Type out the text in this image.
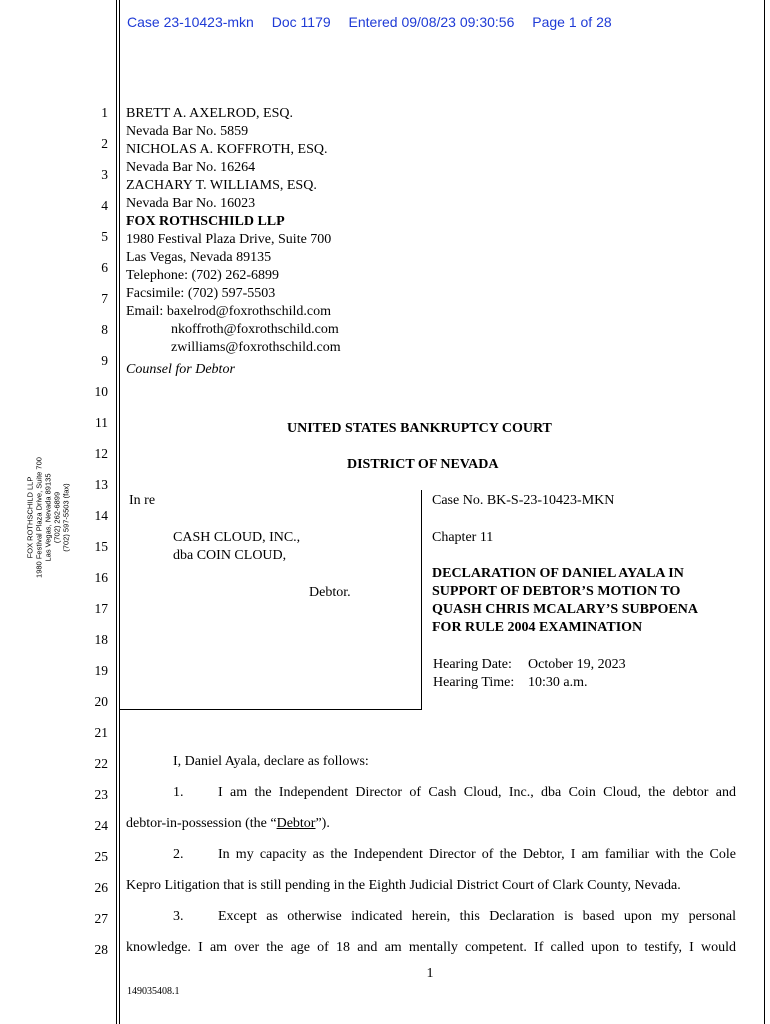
Case 23-10423-mkn Doc 1179 Entered 09/08/23 09:30:56 Page 1 of 28
1
2
3
4
5
6
7
8
9
10
11
12
13
14
15
16
17
18
19
20
21
22
23
24
25
26
27
28
FOX ROTHSCHILD LLP 1980 Festival Plaza Drive, Suite 700 Las Vegas, Nevada 89135 (702) 262-6899 (702) 597-5503 (fax)
BRETT A. AXELROD, ESQ.
Nevada Bar No. 5859
NICHOLAS A. KOFFROTH, ESQ.
Nevada Bar No. 16264
ZACHARY T. WILLIAMS, ESQ.
Nevada Bar No. 16023
FOX ROTHSCHILD LLP
1980 Festival Plaza Drive, Suite 700
Las Vegas, Nevada 89135
Telephone: (702) 262-6899
Facsimile: (702) 597-5503
Email: baxelrod@foxrothschild.com
nkoffroth@foxrothschild.com
zwilliams@foxrothschild.com
Counsel for Debtor
UNITED STATES BANKRUPTCY COURT
DISTRICT OF NEVADA
In re
CASH CLOUD, INC.,
dba COIN CLOUD,
Debtor.
Case No. BK-S-23-10423-MKN
Chapter 11
DECLARATION OF DANIEL AYALA IN
SUPPORT OF DEBTOR’S MOTION TO
QUASH CHRIS MCALARY’S SUBPOENA
FOR RULE 2004 EXAMINATION
Hearing Date: October 19, 2023
Hearing Time: 10:30 a.m.
I, Daniel Ayala, declare as follows:
1. I am the Independent Director of Cash Cloud, Inc., dba Coin Cloud, the debtor and
debtor-in-possession (the “Debtor”).
2. In my capacity as the Independent Director of the Debtor, I am familiar with the Cole
Kepro Litigation that is still pending in the Eighth Judicial District Court of Clark County, Nevada.
3. Except as otherwise indicated herein, this Declaration is based upon my personal
knowledge. I am over the age of 18 and am mentally competent. If called upon to testify, I would
1
149035408.1
